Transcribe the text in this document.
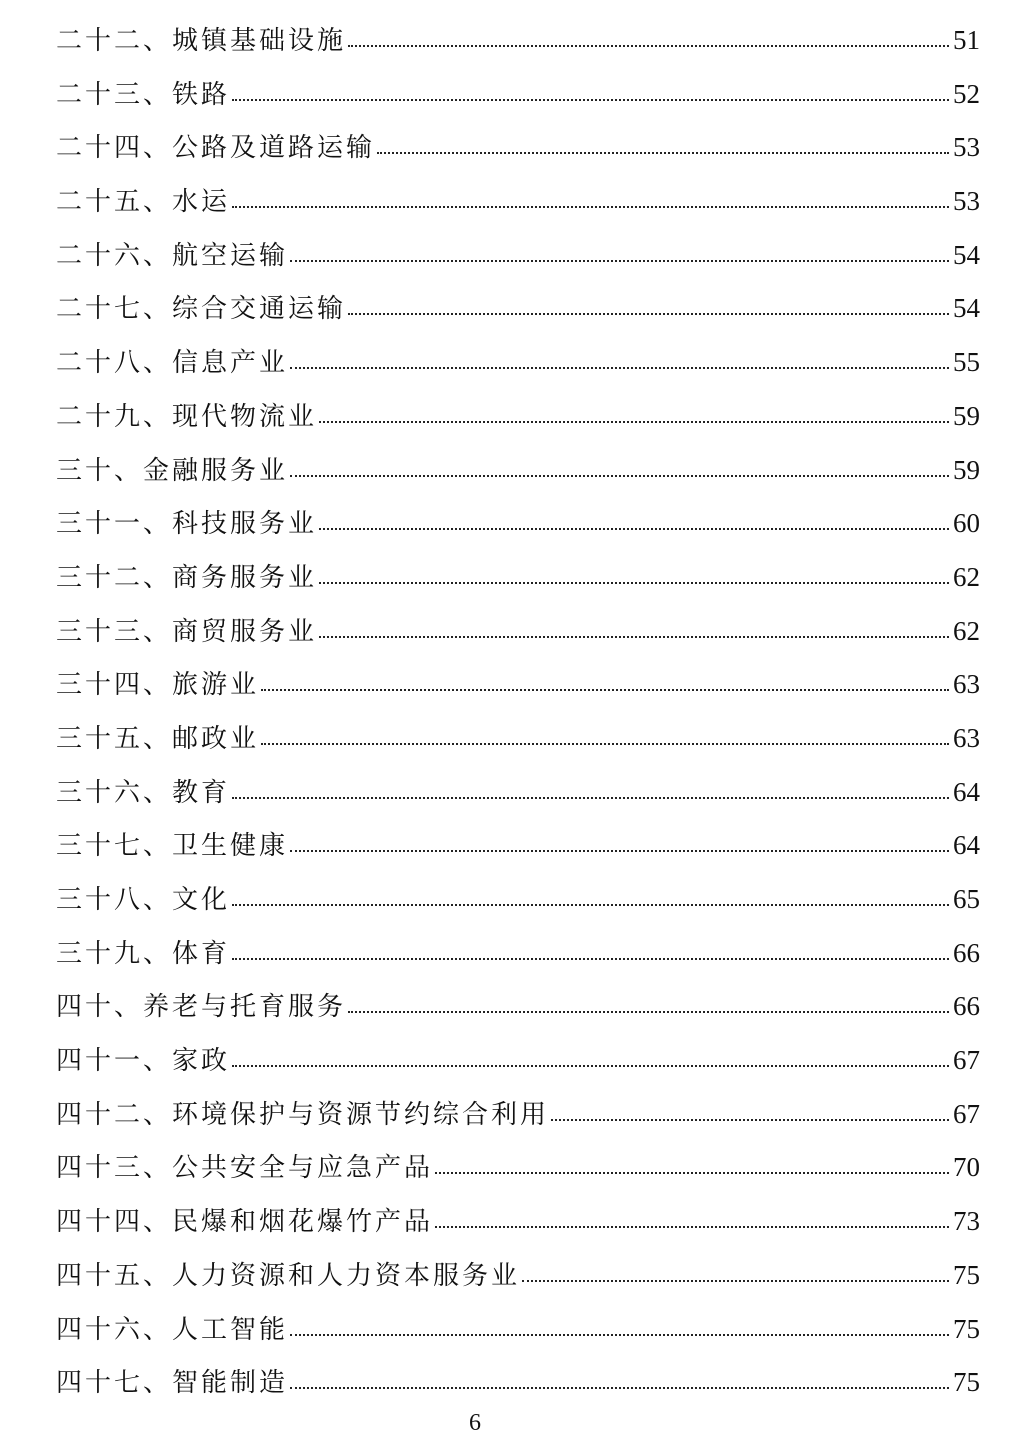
二十二、城镇基础设施	51
二十三、铁路	52
二十四、公路及道路运输	53
二十五、水运	53
二十六、航空运输	54
二十七、综合交通运输	54
二十八、信息产业	55
二十九、现代物流业	59
三十、金融服务业	59
三十一、科技服务业	60
三十二、商务服务业	62
三十三、商贸服务业	62
三十四、旅游业	63
三十五、邮政业	63
三十六、教育	64
三十七、卫生健康	64
三十八、文化	65
三十九、体育	66
四十、养老与托育服务	66
四十一、家政	67
四十二、环境保护与资源节约综合利用	67
四十三、公共安全与应急产品	70
四十四、民爆和烟花爆竹产品	73
四十五、人力资源和人力资本服务业	75
四十六、人工智能	75
四十七、智能制造	75
6
